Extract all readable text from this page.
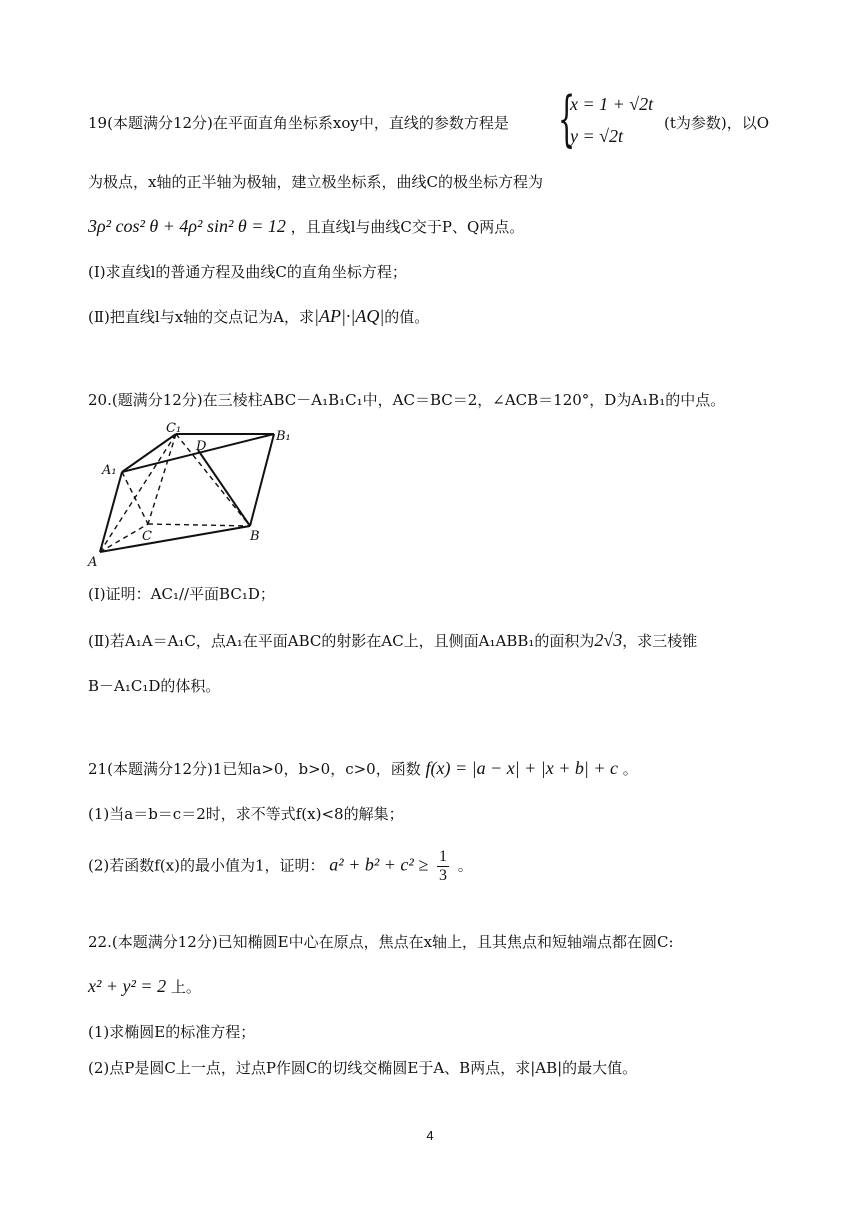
19(本题满分12分)在平面直角坐标系xoy中，直线的参数方程是 {
x = 1 + √2t
y = √2t
(t为参数)，以O
为极点，x轴的正半轴为极轴，建立极坐标系，曲线C的极坐标方程为
3ρ² cos² θ + 4ρ² sin² θ = 12 ，且直线l与曲线C交于P、Q两点。
(Ⅰ)求直线l的普通方程及曲线C的直角坐标方程；
(Ⅱ)把直线l与x轴的交点记为A，求|AP|·|AQ|的值。
20.(题满分12分)在三棱柱ABC－A₁B₁C₁中，AC＝BC＝2，∠ACB＝120°，D为A₁B₁的中点。
C₁
D
B₁
A₁
C	B
A
(Ⅰ)证明：AC₁//平面BC₁D；
(Ⅱ)若A₁A＝A₁C，点A₁在平面ABC的射影在AC上，且侧面A₁ABB₁的面积为2√3，求三棱锥
B－A₁C₁D的体积。
21(本题满分12分)1已知a>0，b>0，c>0，函数 f(x) = |a − x| + |x + b| + c 。
(1)当a＝b＝c＝2时，求不等式f(x)<8的解集；
(2)若函数f(x)的最小值为1，证明： $a^2 + b^2 + c^2 \ge \frac{1}{3}$ 。
22.(本题满分12分)已知椭圆E中心在原点，焦点在x轴上，且其焦点和短轴端点都在圆C:
x² + y² = 2 上。
(1)求椭圆E的标准方程；
(2)点P是圆C上一点，过点P作圆C的切线交椭圆E于A、B两点，求|AB|的最大值。
4
